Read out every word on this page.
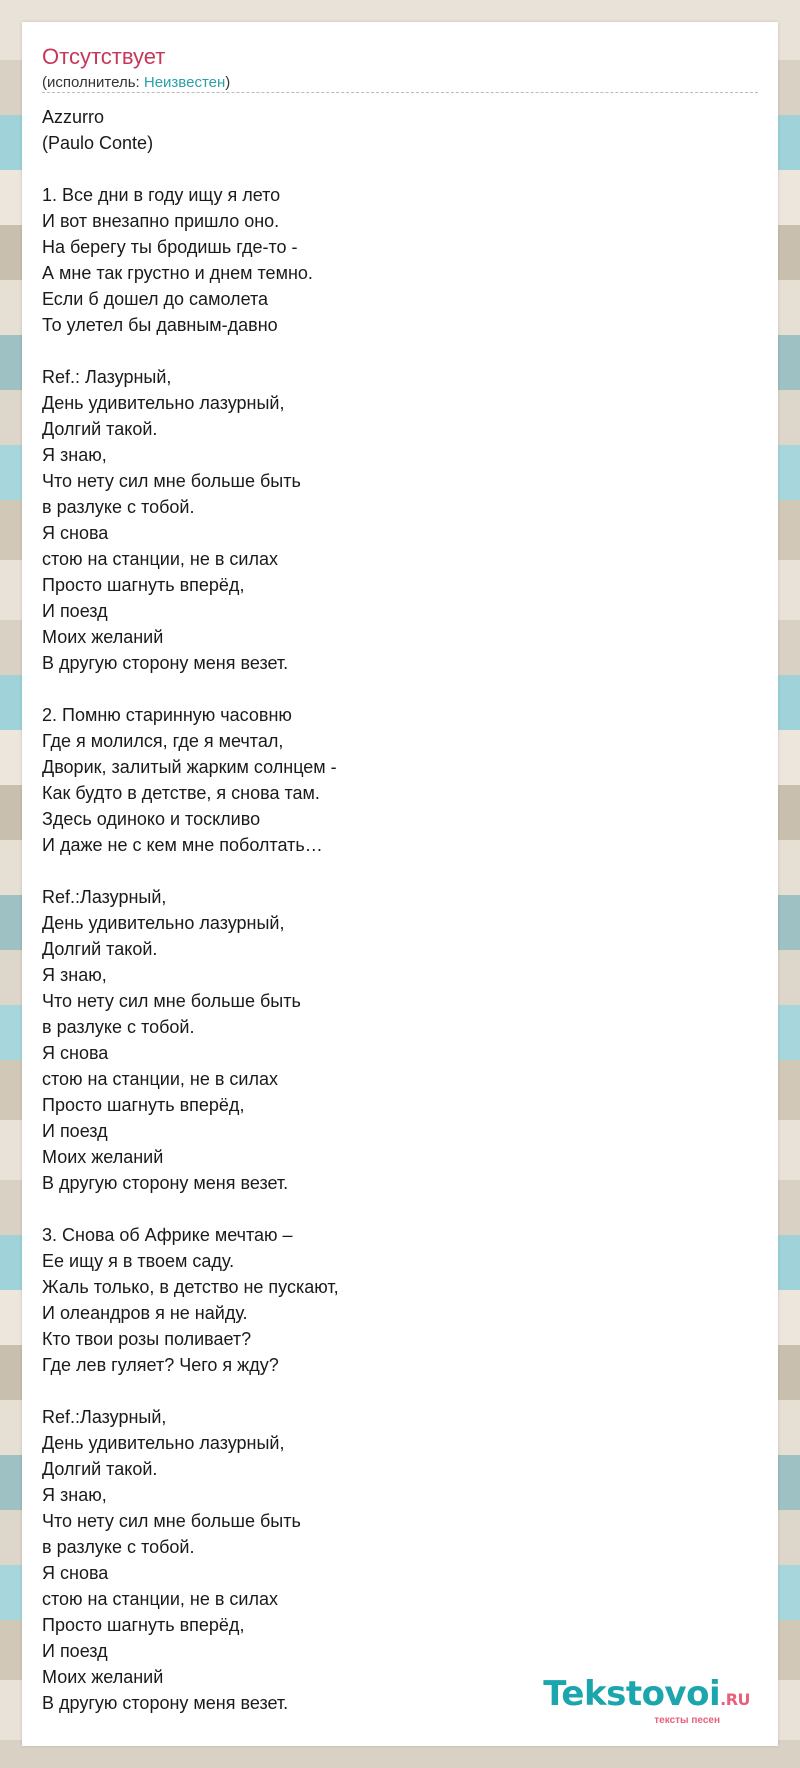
Отсутствует
(исполнитель: Неизвестен)
Azzurro
(Paulo Conte)
1. Все дни в году ищу я лето
И вот внезапно пришло оно.
На берегу ты бродишь где-то -
А мне так грустно и днем темно.
Если б дошел до самолета
То улетел бы давным-давно
Ref.: Лазурный,
День удивительно лазурный,
Долгий такой.
Я знаю,
Что нету сил мне больше быть
в разлуке с тобой.
Я снова
стою на станции, не в силах
Просто шагнуть вперёд,
И поезд
Моих желаний
В другую сторону меня везет.
2. Помню старинную часовню
Где я молился, где я мечтал,
Дворик, залитый жарким солнцем -
Как будто в детстве, я снова там.
Здесь одиноко и тоскливо
И даже не с кем мне поболтать…
Ref.:Лазурный,
День удивительно лазурный,
Долгий такой.
Я знаю,
Что нету сил мне больше быть
в разлуке с тобой.
Я снова
стою на станции, не в силах
Просто шагнуть вперёд,
И поезд
Моих желаний
В другую сторону меня везет.
3. Снова об Африке мечтаю –
Ее ищу я в твоем саду.
Жаль только, в детство не пускают,
И олеандров я не найду.
Кто твои розы поливает?
Где лев гуляет? Чего я жду?
Ref.:Лазурный,
День удивительно лазурный,
Долгий такой.
Я знаю,
Что нету сил мне больше быть
в разлуке с тобой.
Я снова
стою на станции, не в силах
Просто шагнуть вперёд,
И поезд
Моих желаний
В другую сторону меня везет.	Tekstovoi.RU
тексты песен
